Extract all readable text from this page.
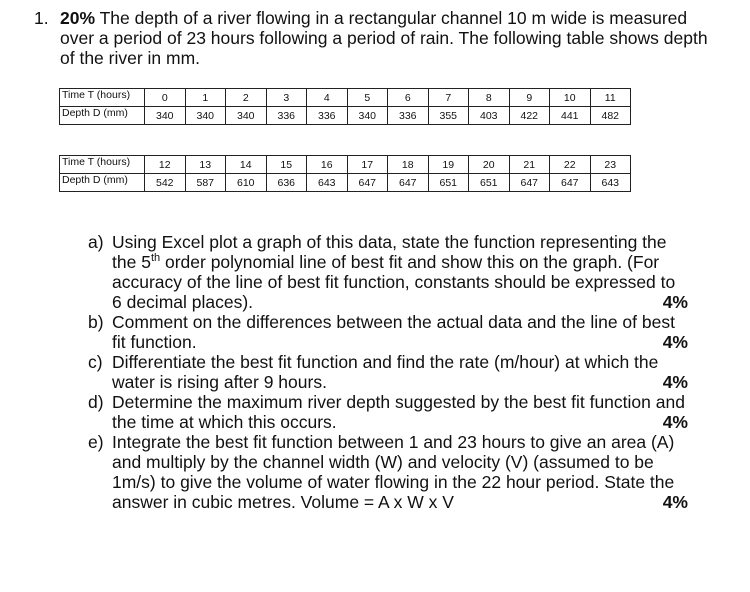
1. 20% The depth of a river flowing in a rectangular channel 10 m wide is measured over a period of 23 hours following a period of rain. The following table shows depth of the river in mm.
Time T (hours)	0	1	2	3	4	5	6	7	8	9	10	11
Depth D (mm)	340	340	340	336	336	340	336	355	403	422	441	482
Time T (hours)	12	13	14	15	16	17	18	19	20	21	22	23
Depth D (mm)	542	587	610	636	643	647	647	651	651	647	647	643
a) Using Excel plot a graph of this data, state the function representing the the 5th order polynomial line of best fit and show this on the graph. (For accuracy of the line of best fit function, constants should be expressed to 6 decimal places).	4%
b) Comment on the differences between the actual data and the line of best fit function.	4%
c) Differentiate the best fit function and find the rate (m/hour) at which the water is rising after 9 hours.	4%
d) Determine the maximum river depth suggested by the best fit function and the time at which this occurs.	4%
e) Integrate the best fit function between 1 and 23 hours to give an area (A) and multiply by the channel width (W) and velocity (V) (assumed to be 1m/s) to give the volume of water flowing in the 22 hour period. State the answer in cubic metres. Volume = A x W x V	4%
